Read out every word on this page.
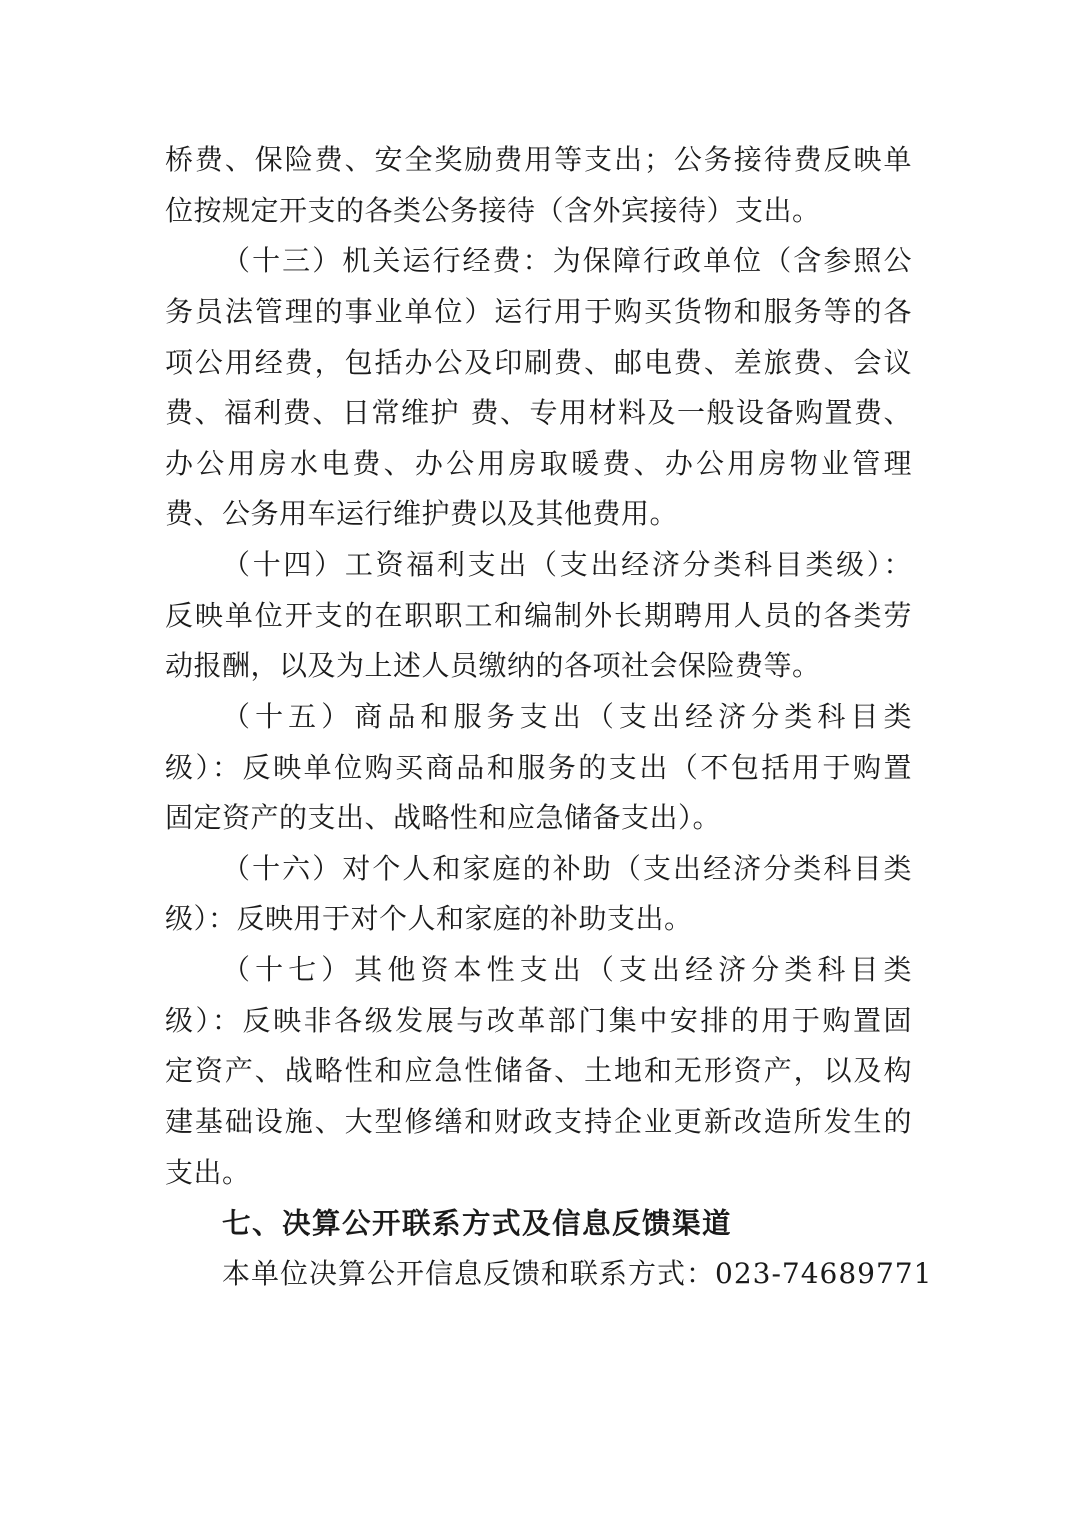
桥费、保险费、安全奖励费用等支出；公务接待费反映单
位按规定开支的各类公务接待（含外宾接待）支出。
（十三）机关运行经费：为保障行政单位（含参照公
务员法管理的事业单位）运行用于购买货物和服务等的各
项公用经费，包括办公及印刷费、邮电费、差旅费、会议
费、福利费、日常维护 费、专用材料及一般设备购置费、
办公用房水电费、办公用房取暖费、办公用房物业管理
费、公务用车运行维护费以及其他费用。
（十四）工资福利支出（支出经济分类科目类级）：
反映单位开支的在职职工和编制外长期聘用人员的各类劳
动报酬，以及为上述人员缴纳的各项社会保险费等。
（十五）商品和服务支出（支出经济分类科目类
级）：反映单位购买商品和服务的支出（不包括用于购置
固定资产的支出、战略性和应急储备支出）。
（十六）对个人和家庭的补助（支出经济分类科目类
级）：反映用于对个人和家庭的补助支出。
（十七）其他资本性支出（支出经济分类科目类
级）：反映非各级发展与改革部门集中安排的用于购置固
定资产、战略性和应急性储备、土地和无形资产，以及构
建基础设施、大型修缮和财政支持企业更新改造所发生的
支出。
七、决算公开联系方式及信息反馈渠道
本单位决算公开信息反馈和联系方式：023-74689771
